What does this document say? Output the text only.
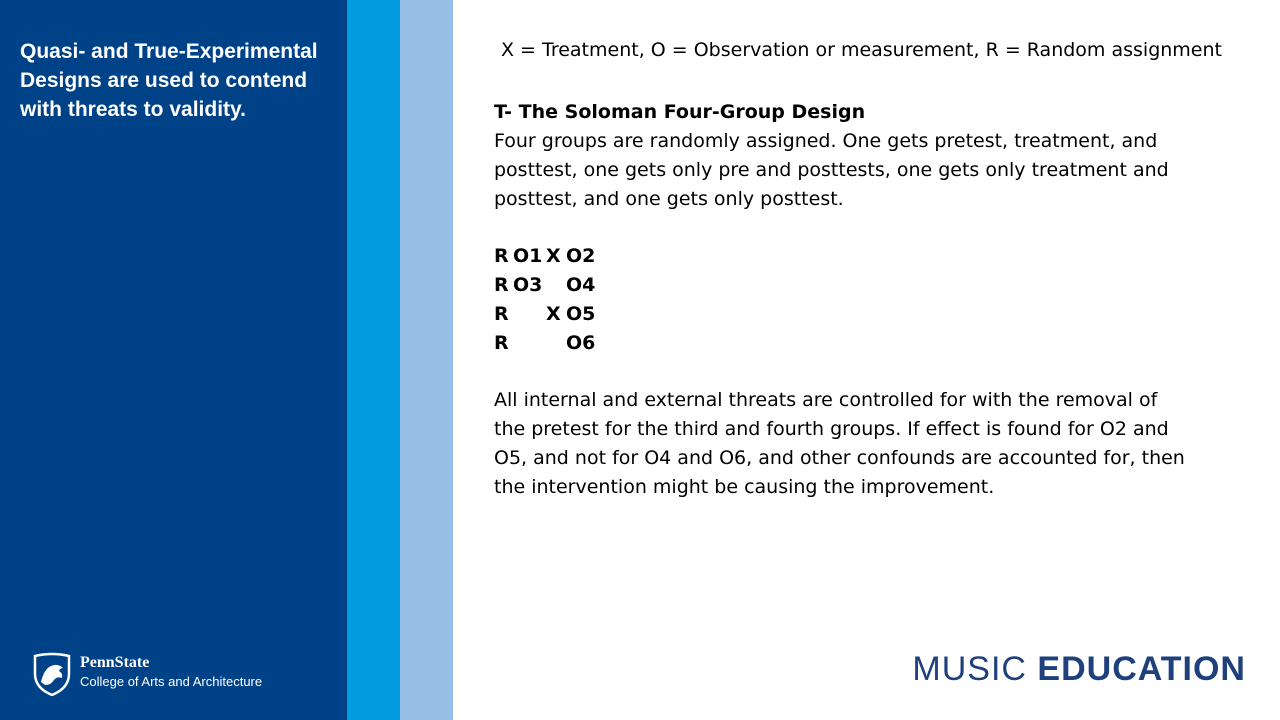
Quasi- and True-Experimental Designs are used to contend with threats to validity.

PennState
College of Arts and Architecture
X = Treatment, O = Observation or measurement, R = Random assignment

T- The Soloman Four-Group Design

Four groups are randomly assigned. One gets pretest, treatment, and posttest, one gets only pre and posttests, one gets only treatment and posttest, and one gets only posttest.

R O1 X O2
R O3 O4
R X O5
R	O6

All internal and external threats are controlled for with the removal of the pretest for the third and fourth groups. If effect is found for O2 and O5, and not for O4 and O6, and other confounds are accounted for, then the intervention might be causing the improvement.

MUSIC EDUCATION
